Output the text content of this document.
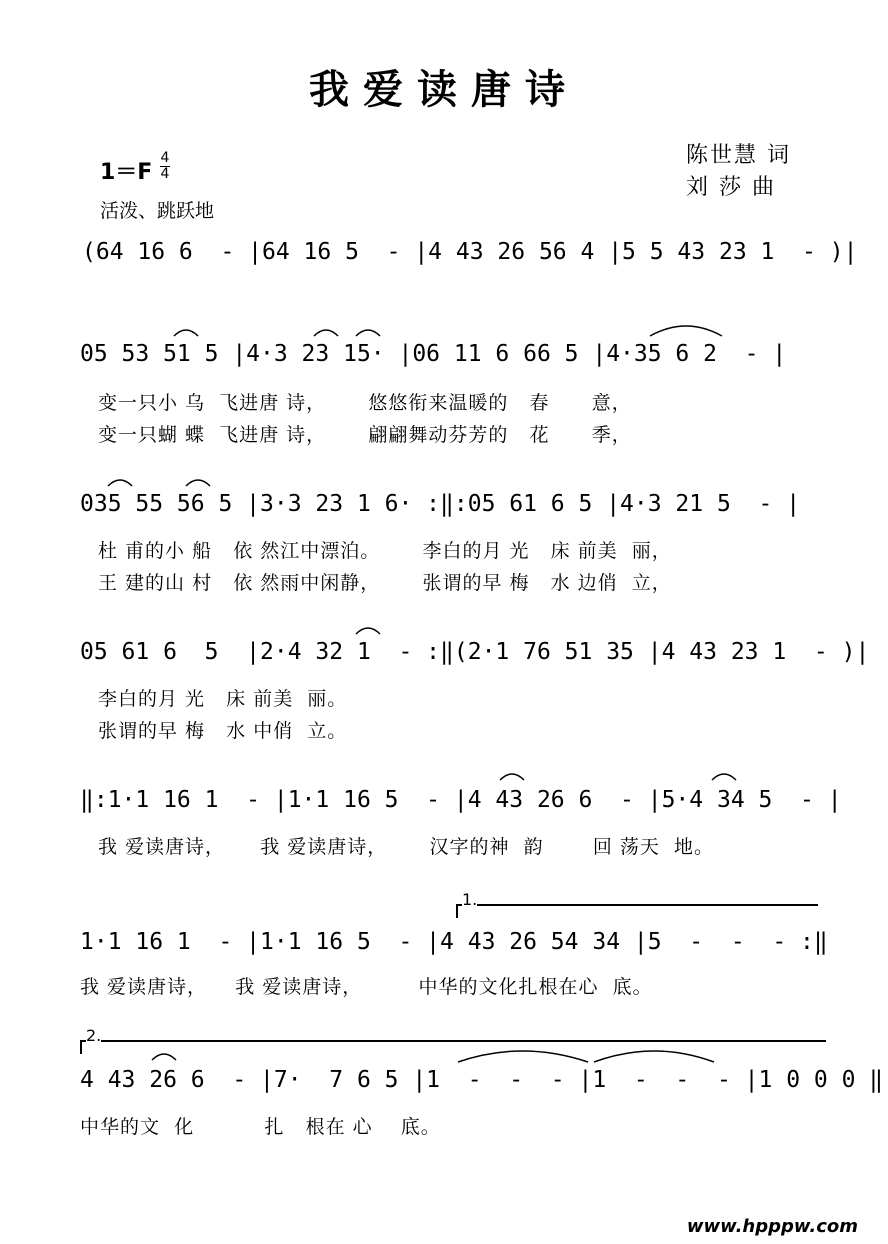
我爱读唐诗
陈世慧 词
刘 莎 曲
1＝F
4
4
活泼、跳跃地
(64 16 6  - |64 16 5  - |4 43 26 56 4 |5 5 43 23 1  - )|
05 53 51 5 |4·3 23 15· |06 11 6 66 5 |4·35 6 2  - |
变一只小 乌  飞进唐 诗，      悠悠衔来温暖的   春      意，
变一只蝴 蝶  飞进唐 诗，      翩翩舞动芬芳的   花      季，
035 55 56 5 |3·3 23 1 6· :‖:05 61 6 5 |4·3 21 5  - |
杜 甫的小 船   依 然江中漂泊。      李白的月 光   床 前美  丽，
王 建的山 村   依 然雨中闲静，      张谓的早 梅   水 边俏  立，
05 61 6  5  |2·4 32 1  - :‖(2·1 76 51 35 |4 43 23 1  - )|
李白的月 光   床 前美  丽。
张谓的早 梅   水 中俏  立。
‖:1·1 16 1  - |1·1 16 5  - |4 43 26 6  - |5·4 34 5  - |
我 爱读唐诗，     我 爱读唐诗，      汉字的神  韵       回 荡天  地。
1.
1·1 16 1  - |1·1 16 5  - |4 43 26 54 34 |5  -  -  - :‖
我 爱读唐诗，    我 爱读唐诗，        中华的文化扎根在心  底。
2.
4 43 26 6  - |7·  7 6 5 |1  -  -  - |1  -  -  - |1 0 0 0 ‖
中华的文  化          扎   根在 心    底。
www.hpppw.com
